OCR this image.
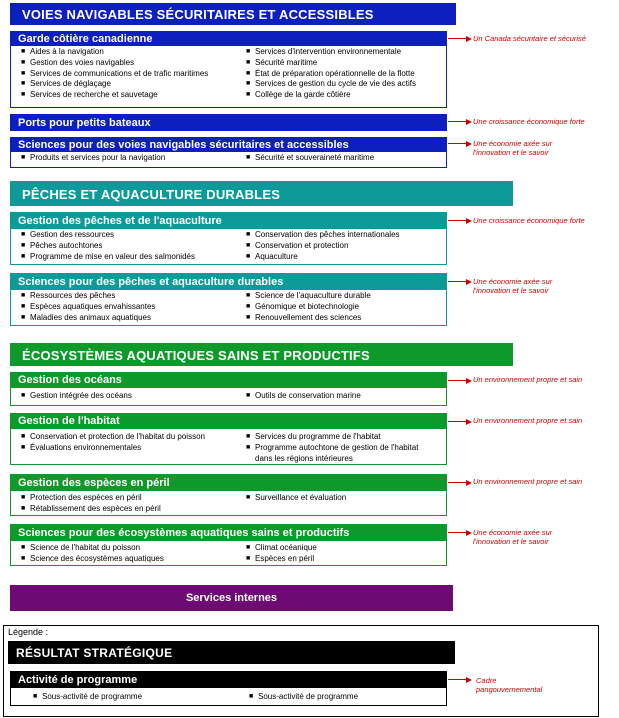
VOIES NAVIGABLES SÉCURITAIRES ET ACCESSIBLES
Garde côtière canadienne
■ Aides à la navigation
■ Gestion des voies navigables
■ Services de communications et de trafic maritimes
■ Services de déglaçage
■ Services de recherche et sauvetage
■ Services d'intervention environnementale
■ Sécurité maritime
■ État de préparation opérationnelle de la flotte
■ Services de gestion du cycle de vie des actifs
■ Collège de la garde côtière
Un Canada sécuritaire et sécurisé
Ports pour petits bateaux	Une croissance économique forte
Sciences pour des voies navigables sécuritaires et accessibles
■ Produits et services pour la navigation	■ Sécurité et souveraineté maritime
Une économie axée sur
l'innovation et le savoir
PÊCHES ET AQUACULTURE DURABLES
Gestion des pêches et de l'aquaculture
■ Gestion des ressources
■ Pêches autochtones
■ Programme de mise en valeur des salmonidés
■ Conservation des pêches internationales
■ Conservation et protection
■ Aquaculture
Une croissance économique forte
Sciences pour des pêches et aquaculture durables
■ Ressources des pêches
■ Espèces aquatiques envahissantes
■ Maladies des animaux aquatiques
■ Science de l'aquaculture durable
■ Génomique et biotechnologie
■ Renouvellement des sciences
Une économie axée sur
l'innovation et le savoir
ÉCOSYSTÈMES AQUATIQUES SAINS ET PRODUCTIFS
Gestion des océans
■ Gestion intégrée des océans	■ Outils de conservation marine
Un environnement propre et sain
Gestion de l'habitat
■ Conservation et protection de l'habitat du poisson
■ Évaluations environnementales
■ Services du programme de l'habitat
■ Programme autochtone de gestion de l'habitat
dans les régions intérieures
Un environnement propre et sain
Gestion des espèces en péril
■ Protection des espèces en péril
■ Rétablissement des espèces en péril
■ Surveillance et évaluation
Un environnement propre et sain
Sciences pour des écosystèmes aquatiques sains et productifs
■ Science de l'habitat du poisson
■ Science des écosystèmes aquatiques
■ Climat océanique
■ Espèces en péril
Une économie axée sur
l'innovation et le savoir
Services internes
Légende :
RÉSULTAT STRATÉGIQUE
Activité de programme
■ Sous-activité de programme	■ Sous-activité de programme
Cadre
pangouvernemental
